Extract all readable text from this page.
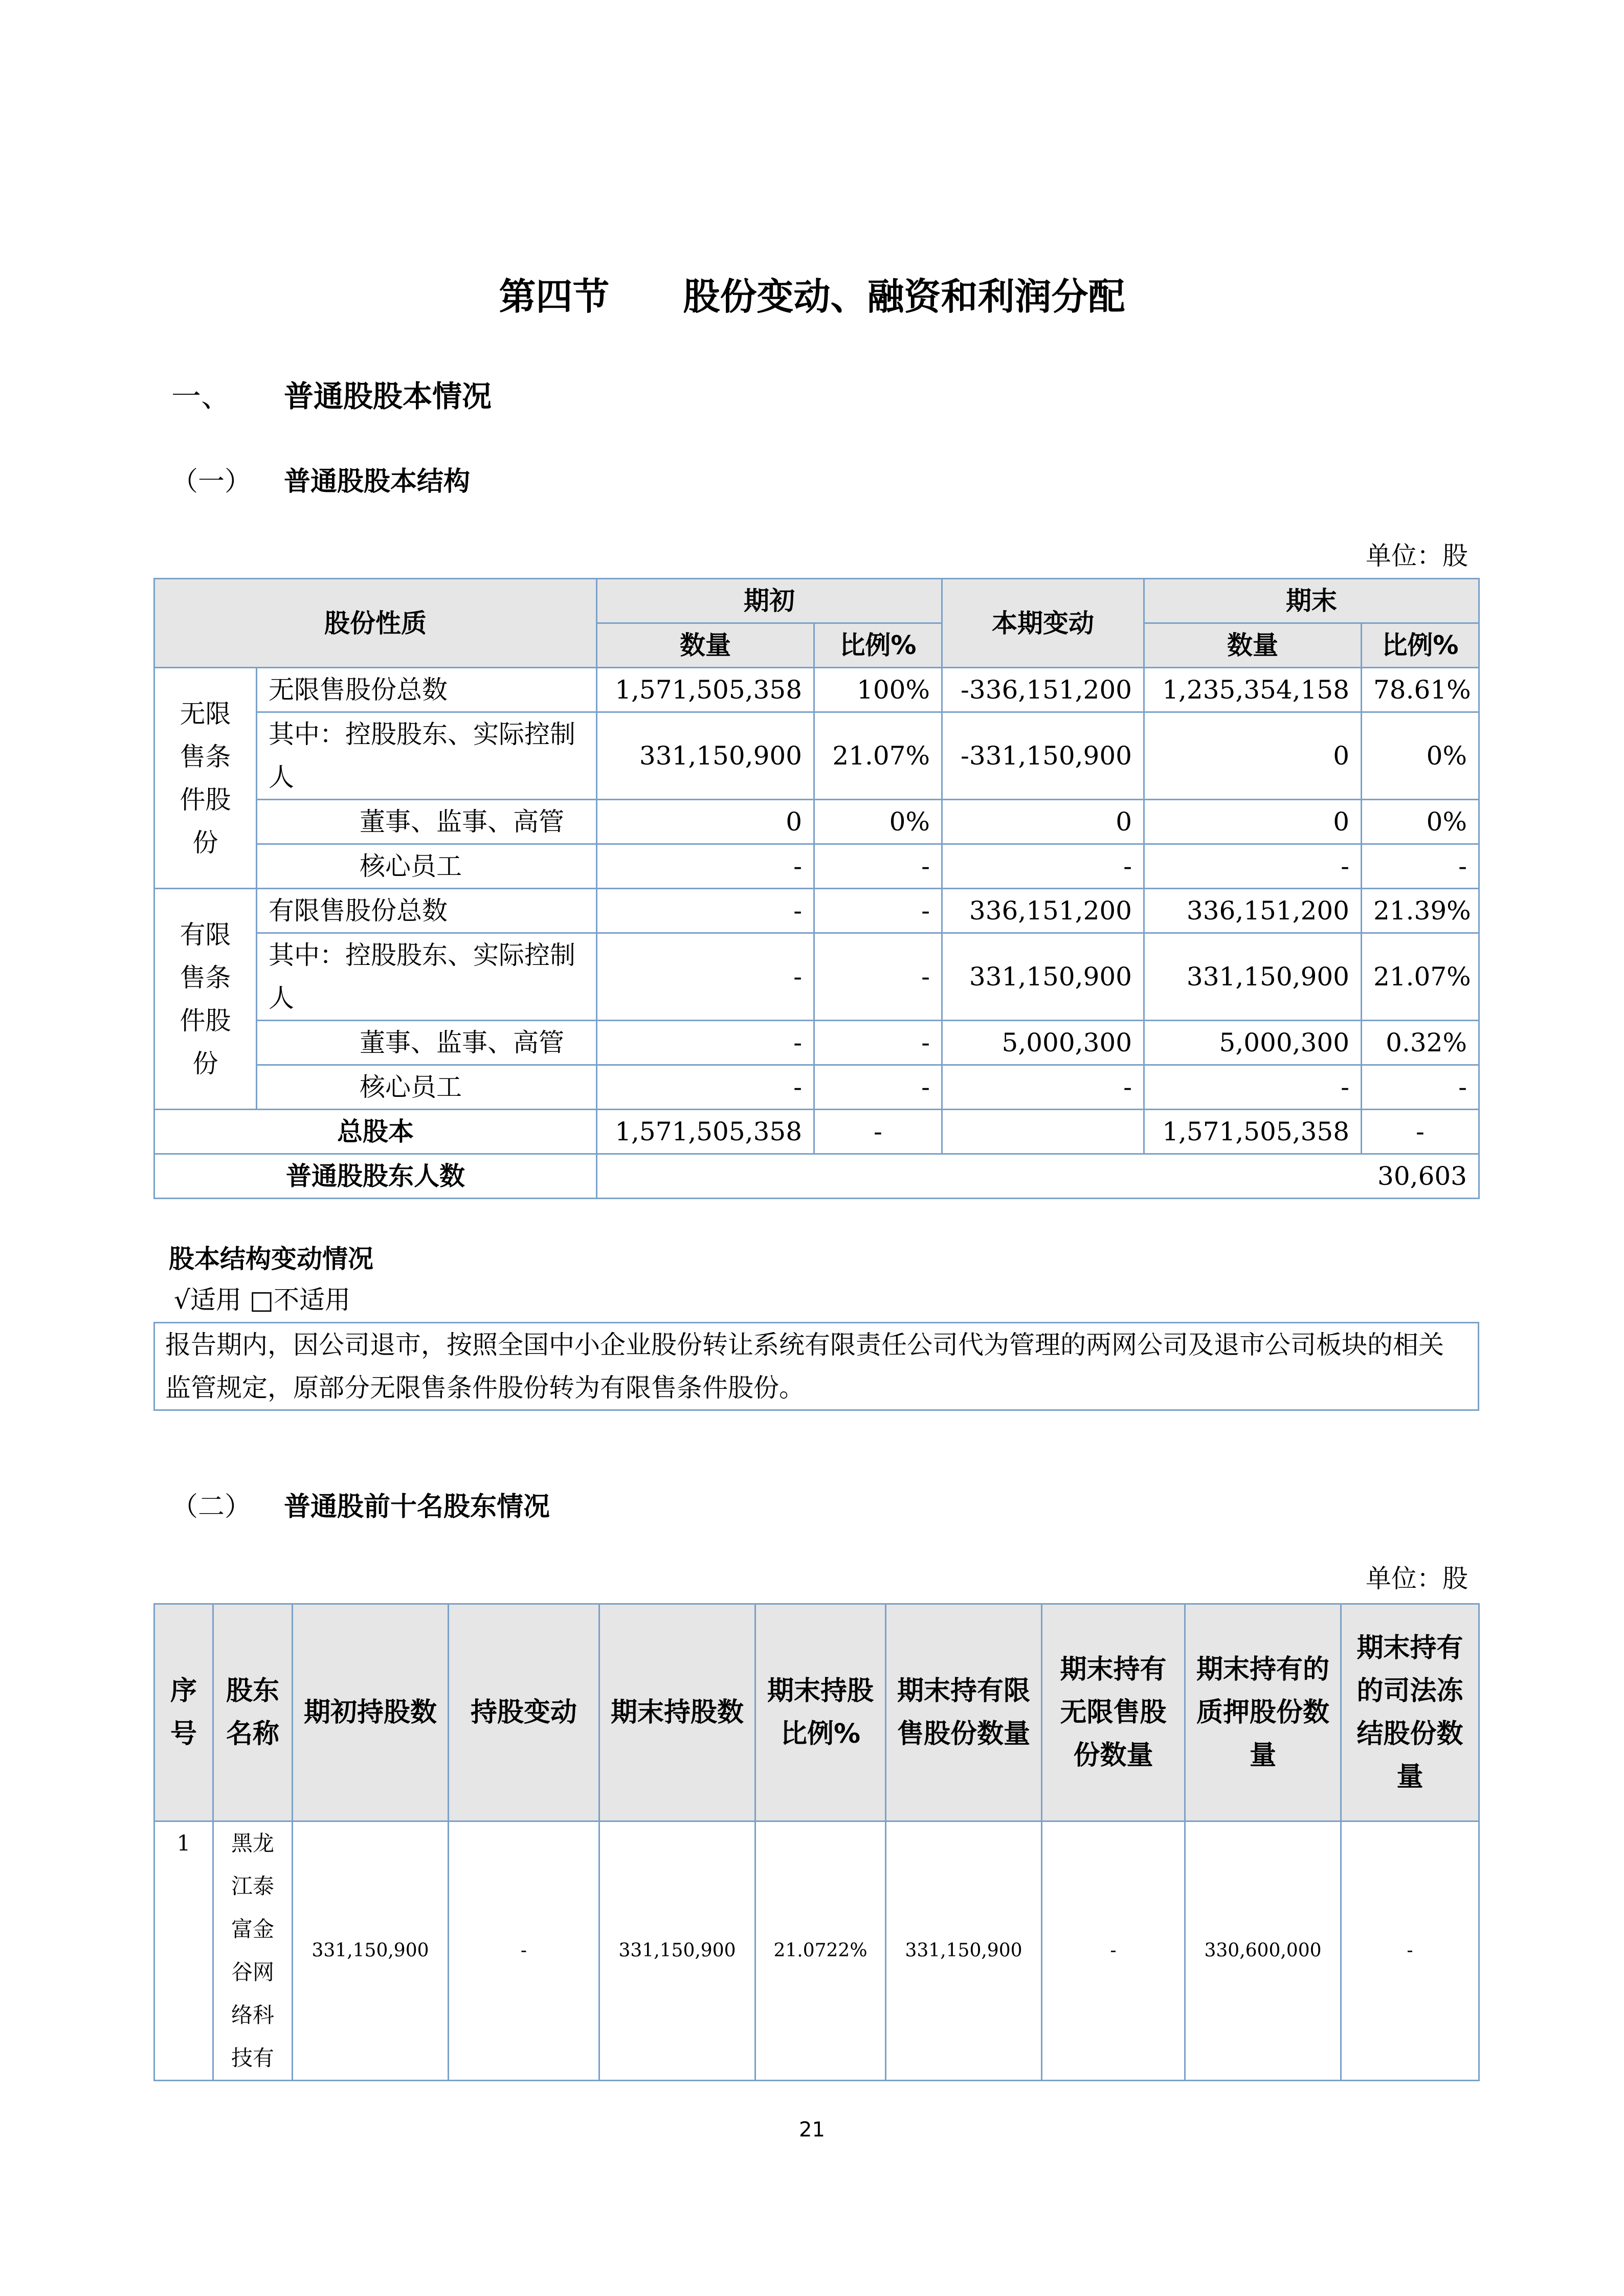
第四节　　股份变动、融资和利润分配
一、 普通股股本情况
（一） 普通股股本结构
单位：股
股份性质		期初		本期变动	期末	
		数量	比例%		数量	比例%
无限售条件股份	无限售股份总数	1,571,505,358	100%	-336,151,200	1,235,354,158	78.61%
	其中：控股股东、实际控制人	331,150,900	21.07%	-331,150,900	0	0%
	董事、监事、高管	0	0%	0	0	0%
	核心员工	-	-	-	-	-
有限售条件股份	有限售股份总数	-	-	336,151,200	336,151,200	21.39%
	其中：控股股东、实际控制人	-	-	331,150,900	331,150,900	21.07%
	董事、监事、高管	-	-	5,000,300	5,000,300	0.32%
	核心员工	-	-	-	-	-
总股本		1,571,505,358	-		1,571,505,358	-
普通股股东人数		30,603				
股本结构变动情况
√适用 □不适用
报告期内，因公司退市，按照全国中小企业股份转让系统有限责任公司代为管理的两网公司及退市公司板块的相关监管规定，原部分无限售条件股份转为有限售条件股份。
（二） 普通股前十名股东情况
单位：股
序号	股东名称	期初持股数	持股变动	期末持股数	期末持股比例%	期末持有限售股份数量	期末持有无限售股份数量	期末持有的质押股份数量	期末持有的司法冻结股份数量
1	黑龙江泰富金谷网络科技有	331,150,900	-	331,150,900	21.0722%	331,150,900	-	330,600,000	-
21
